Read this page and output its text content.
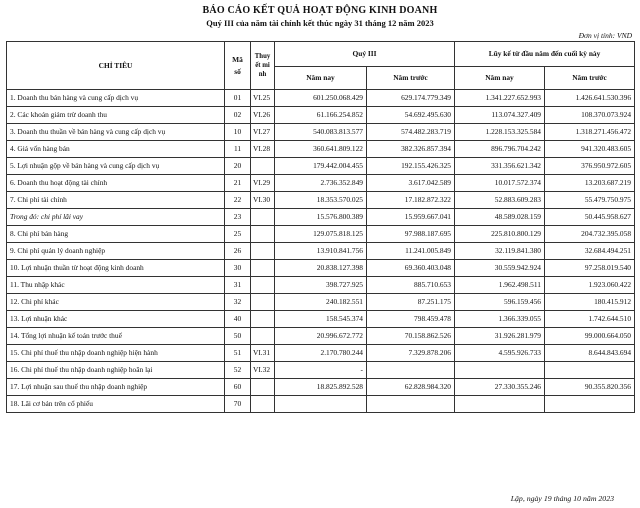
BÁO CÁO KẾT QUẢ HOẠT ĐỘNG KINH DOANH
Quý III của năm tài chính kết thúc ngày 31 tháng 12 năm 2023
Đơn vị tính: VND
CHỈ TIÊU	Mã số	Thuyết minh	Quý III		Lũy kế từ đầu năm đến cuối kỳ này	
			Năm nay	Năm trước	Năm nay	Năm trước
1. Doanh thu bán hàng và cung cấp dịch vụ	01	VI.25	601.250.068.429	629.174.779.349	1.341.227.652.993	1.426.641.530.396
2. Các khoản giảm trừ doanh thu	02	VI.26	61.166.254.852	54.692.495.630	113.074.327.409	108.370.073.924
3. Doanh thu thuần về bán hàng và cung cấp dịch vụ	10	VI.27	540.083.813.577	574.482.283.719	1.228.153.325.584	1.318.271.456.472
4. Giá vốn hàng bán	11	VI.28	360.641.809.122	382.326.857.394	896.796.704.242	941.320.483.605
5. Lợi nhuận gộp về bán hàng và cung cấp dịch vụ	20		179.442.004.455	192.155.426.325	331.356.621.342	376.950.972.605
6. Doanh thu hoạt động tài chính	21	VI.29	2.736.352.849	3.617.042.589	10.017.572.374	13.203.687.219
7. Chi phí tài chính	22	VI.30	18.353.570.025	17.182.872.322	52.883.609.283	55.479.750.975
Trong đó: chi phí lãi vay	23		15.576.800.389	15.959.667.041	48.589.028.159	50.445.958.627
8. Chi phí bán hàng	25		129.075.818.125	97.988.187.695	225.810.800.129	204.732.395.058
9. Chi phí quản lý doanh nghiệp	26		13.910.841.756	11.241.005.849	32.119.841.380	32.684.494.251
10. Lợi nhuận thuần từ hoạt động kinh doanh	30		20.838.127.398	69.360.403.048	30.559.942.924	97.258.019.540
11. Thu nhập khác	31		398.727.925	885.710.653	1.962.498.511	1.923.060.422
12. Chi phí khác	32		240.182.551	87.251.175	596.159.456	180.415.912
13. Lợi nhuận khác	40		158.545.374	798.459.478	1.366.339.055	1.742.644.510
14. Tổng lợi nhuận kế toán trước thuế	50		20.996.672.772	70.158.862.526	31.926.281.979	99.000.664.050
15. Chi phí thuế thu nhập doanh nghiệp hiện hành	51	VI.31	2.170.780.244	7.329.878.206	4.595.926.733	8.644.843.694
16. Chi phí thuế thu nhập doanh nghiệp hoãn lại	52	VI.32	-			
17. Lợi nhuận sau thuế thu nhập doanh nghiệp	60		18.825.892.528	62.828.984.320	27.330.355.246	90.355.820.356
18. Lãi cơ bản trên cổ phiếu	70					
Lập, ngày 19 tháng 10 năm 2023
